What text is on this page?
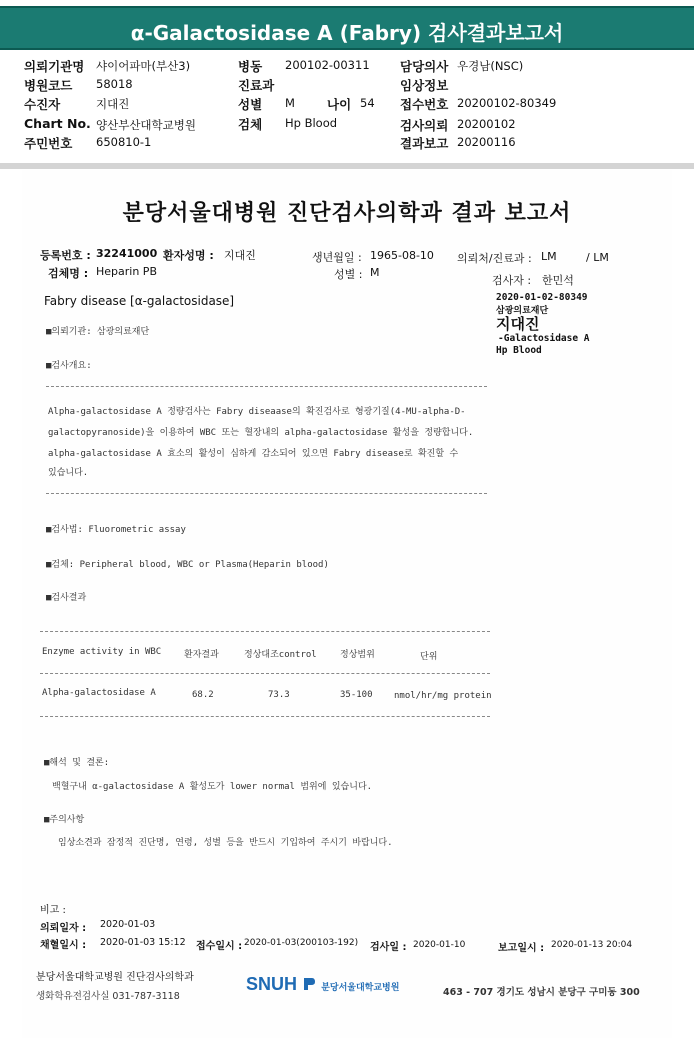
α-Galactosidase A (Fabry) 검사결과보고서
의뢰기관명 샤이어파마(부산3)	병동 200102-00311 담당의사 우경남(NSC)
병원코드 58018	진료과	임상정보
수진자	지대진	성별 M	나이 54 접수번호 20200102-80349
Chart No. 양산부산대학교병원	검체 Hp Blood	검사의뢰 20200102
주민번호 650810-1	결과보고 20200116
분당서울대병원 진단검사의학과 결과 보고서
등록번호 : 32241000 환자성명 : 지대진	생년월일 : 1965-08-10 의뢰처/진료과 : LM	/ LM
검체명 : Heparin PB	성별 : M
검사자 : 한민석
Fabry disease [α-galactosidase]	2020-01-02-80349
삼광의료재단
지대진
-Galactosidase A
Hp Blood
■의뢰기관: 삼광의료재단
■검사개요:
Alpha-galactosidase A 정량검사는 Fabry diseaase의 확진검사로 형광기질(4-MU-alpha-D-
galactopyranoside)을 이용하여 WBC 또는 혈장내의 alpha-galactosidase 활성을 정량합니다.
alpha-galactosidase A 효소의 활성이 심하게 감소되어 있으면 Fabry disease로 확진할 수
있습니다.
■검사법: Fluorometric assay
■검체: Peripheral blood, WBC or Plasma(Heparin blood)
■검사결과
Enzyme activity in WBC	환자결과	정상대조control	정상범위	단위
Alpha-galactosidase A	68.2	73.3	35-100 nmol/hr/mg protein
■해석 및 결론:
백혈구내 α-galactosidase A 활성도가 lower normal 범위에 있습니다.
■주의사항
임상소견과 잠정적 진단명, 연령, 성별 등을 반드시 기입하여 주시기 바랍니다.
비고 :
의뢰일자 : 2020-01-03
채혈일시 : 2020-01-03 15:12 접수일시 : 2020-01-03(200103-192) 검사일 : 2020-01-10	보고일시 : 2020-01-13 20:04
분당서울대학교병원 진단검사의학과
생화학유전검사실 031-787-3118
SNUH	분당서울대학교병원	463 - 707 경기도 성남시 분당구 구미동 300
